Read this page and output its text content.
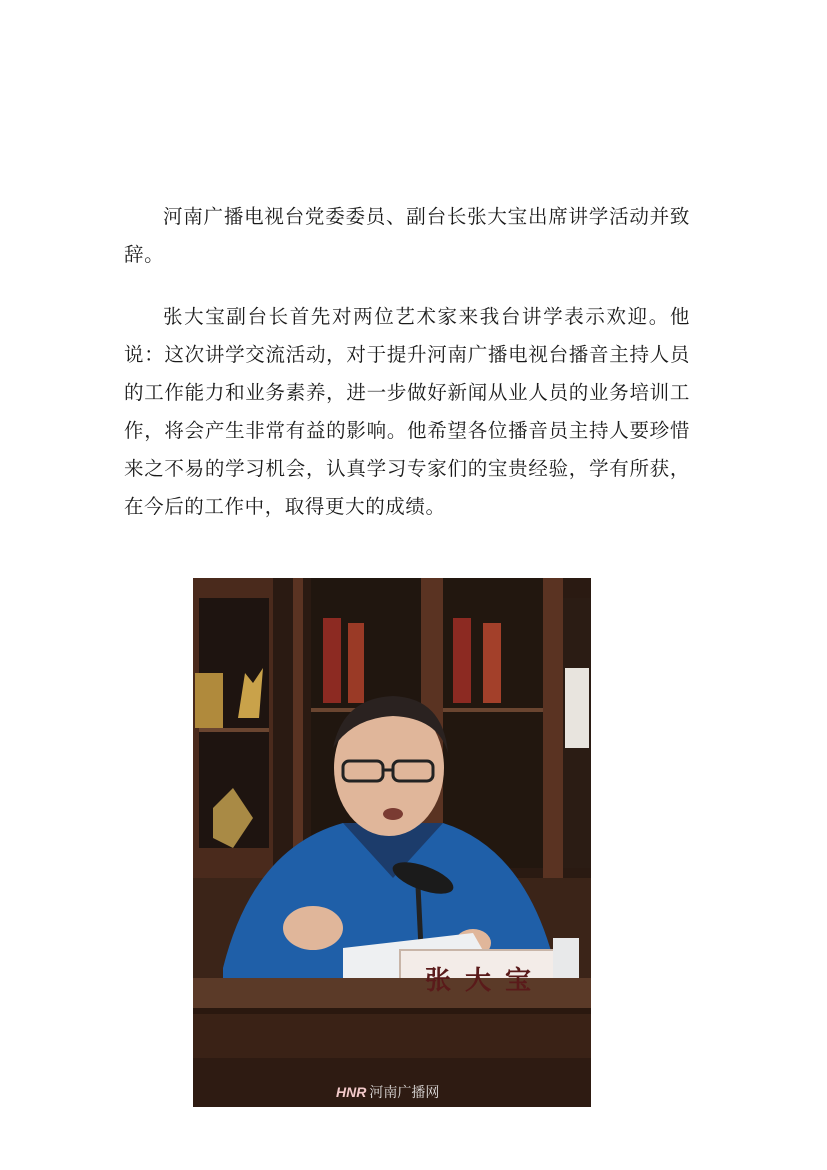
河南广播电视台党委委员、副台长张大宝出席讲学活动并致辞。

张大宝副台长首先对两位艺术家来我台讲学表示欢迎。他说：这次讲学交流活动，对于提升河南广播电视台播音主持人员的工作能力和业务素养，进一步做好新闻从业人员的业务培训工作，将会产生非常有益的影响。他希望各位播音员主持人要珍惜来之不易的学习机会，认真学习专家们的宝贵经验，学有所获，在今后的工作中，取得更大的成绩。

张大宝
HNR 河南广播网
